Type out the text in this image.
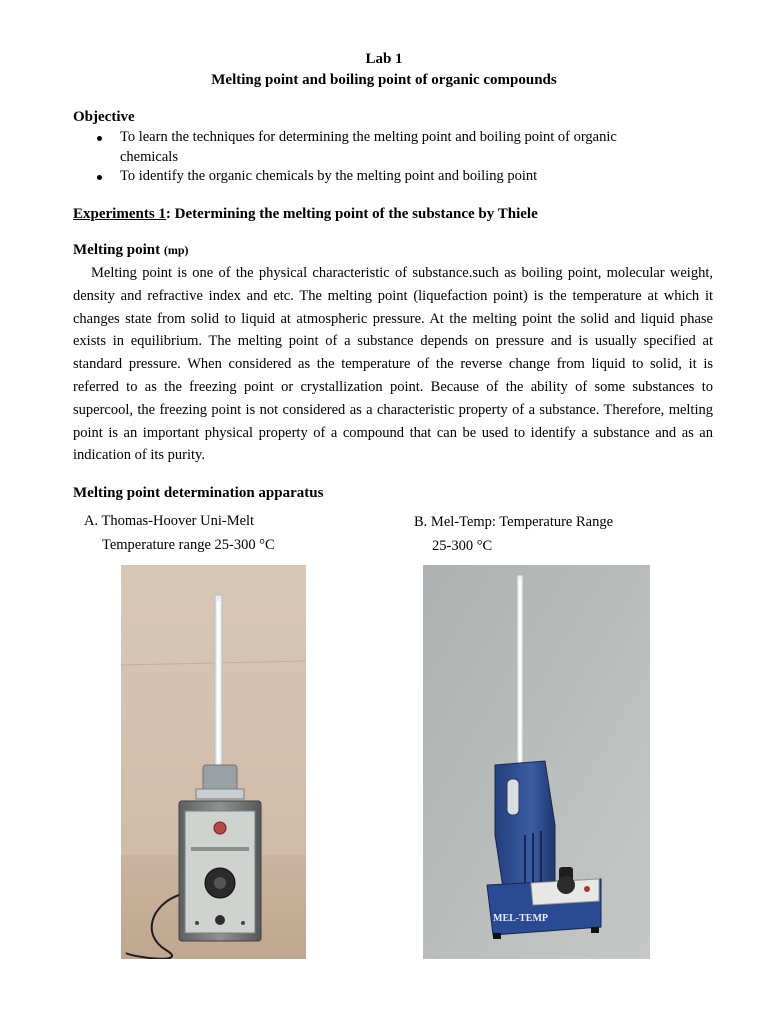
Lab 1
Melting point and boiling point of organic compounds
Objective
To learn the techniques for determining the melting point and boiling point of organic
chemicals
To identify the organic chemicals by the melting point and boiling point
Experiments 1: Determining the melting point of the substance by Thiele
Melting point (mp)
Melting point is one of the physical characteristic of substance.such as boiling point, molecular weight, density and refractive index and etc. The melting point (liquefaction point) is the temperature at which it changes state from solid to liquid at atmospheric pressure. At the melting point the solid and liquid phase exists in equilibrium. The melting point of a substance depends on pressure and is usually specified at standard pressure. When considered as the temperature of the reverse change from liquid to solid, it is referred to as the freezing point or crystallization point. Because of the ability of some substances to supercool, the freezing point is not considered as a characteristic property of a substance. Therefore, melting point is an important physical property of a compound that can be used to identify a substance and as an indication of its purity.
Melting point determination apparatus
A. Thomas-Hoover Uni-Melt
Temperature range 25-300 °C
B. Mel-Temp: Temperature Range
25-300 °C
MEL-TEMP
